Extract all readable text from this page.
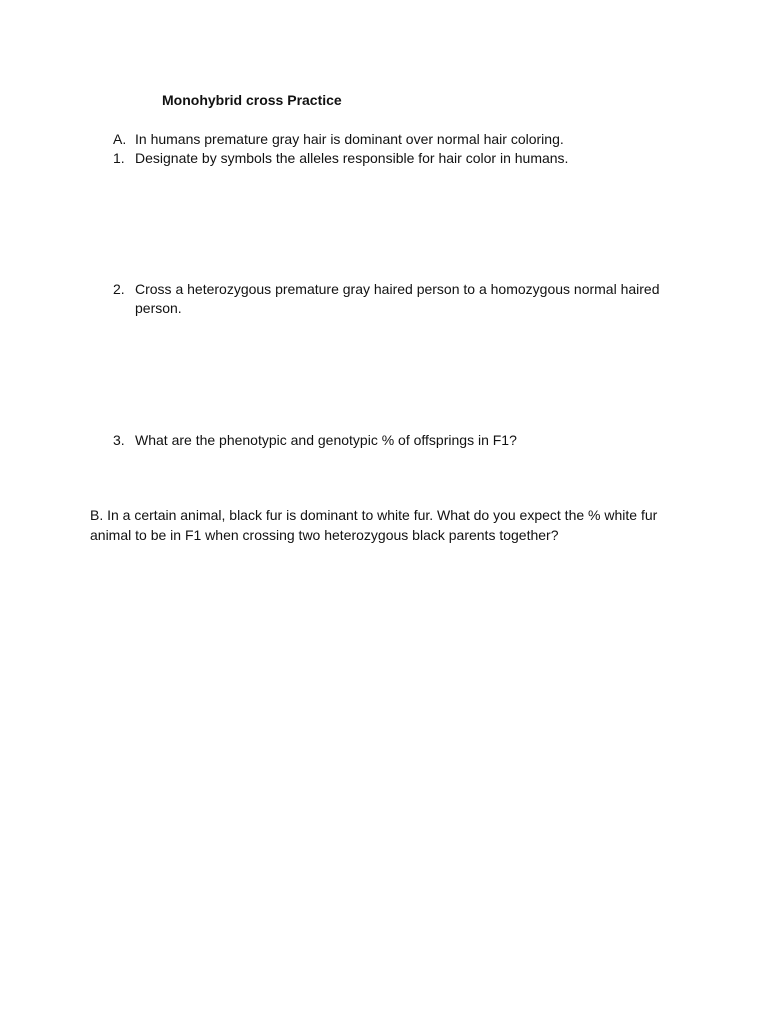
Monohybrid cross Practice
A. In humans premature gray hair is dominant over normal hair coloring.
1. Designate by symbols the alleles responsible for hair color in humans.
2. Cross a heterozygous premature gray haired person to a homozygous normal haired person.
3. What are the phenotypic and genotypic % of offsprings in F1?
B. In a certain animal, black fur is dominant to white fur. What do you expect the % white fur animal to be in F1 when crossing two heterozygous black parents together?
